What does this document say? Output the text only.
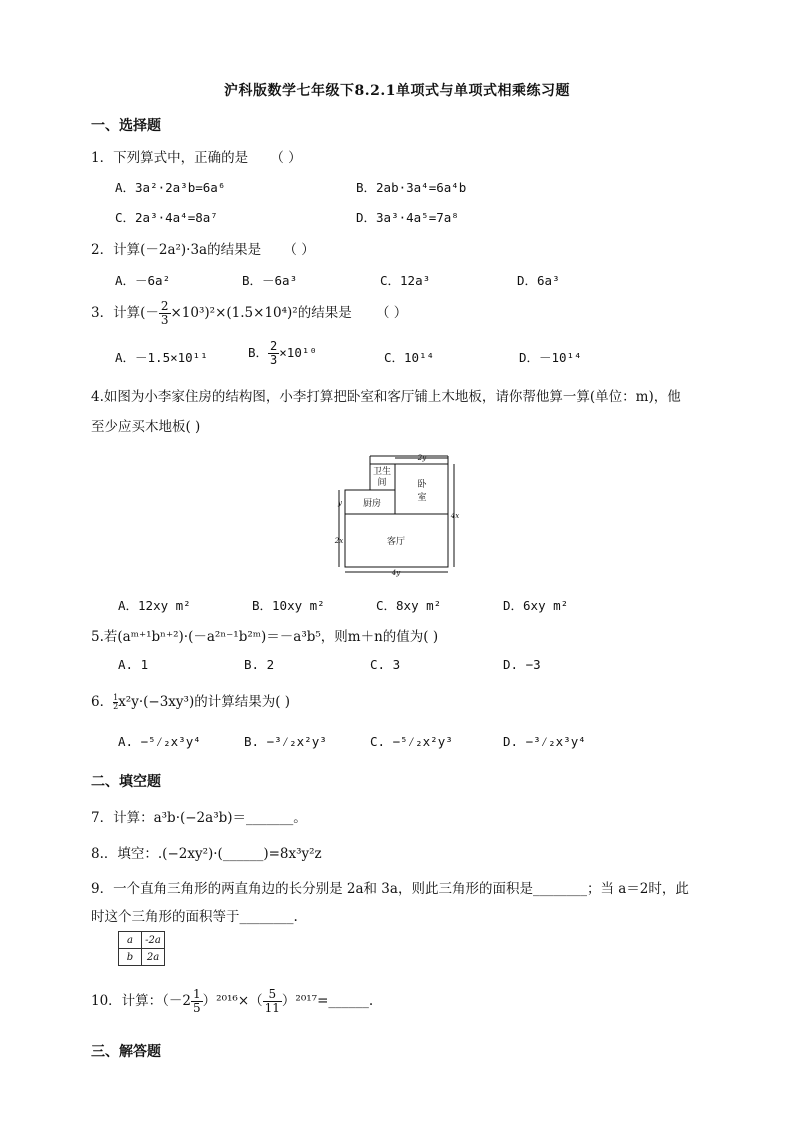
沪科版数学七年级下8.2.1单项式与单项式相乘练习题
一、选择题
1．下列算式中，正确的是 （ ）
A．3a²·2a³b=6a⁶	B．2ab·3a⁴=6a⁴b
C．2a³·4a⁴=8a⁷	D．3a³·4a⁵=7a⁸
2．计算(－2a²)·3a的结果是 （ ）
A．－6a²	B．－6a³	C．12a³	D．6a³
3．计算(－ $\frac{2}{3} \times 10^3)^2\times(1.5\times 10^4)^2$的结果是 （ ）
A．－1.5×10¹¹	B． $\frac{2}{3} \times 10^{10}$	C．10¹⁴	D．－10¹⁴
4.如图为小李家住房的结构图，小李打算把卧室和客厅铺上木地板，请你帮他算一算(单位：m)，他
至少应买木地板( )
卫生
间	卧
室
厨房
客厅
2y
4x
y
2x
4y
A．12xy m²	B．10xy m²	C．8xy m²	D．6xy m²
5.若(aᵐ⁺¹bⁿ⁺²)·(－a²ⁿ⁻¹b²ᵐ)＝－a³b⁵，则m＋n的值为( )
A. 1	B. 2	C. 3	D. −3
6． $\frac{1}{2}x^2y\cdot(-3xy^3)$的计算结果为( )
A. −⁵⁄₂x³y⁴	B. −³⁄₂x²y³	C. −⁵⁄₂x²y³	D. −³⁄₂x³y⁴
二、填空题
7．计算：a³b·(−2a³b)＝_______。
8.．填空：.(−2xy²)·(______)=8x³y²z
9．一个直角三角形的两直角边的长分别是 2a和 3a，则此三角形的面积是________；当 a＝2时，此
时这个三角形的面积等于________.
a	-2a
b	2a
10．计算：$(-2 \frac{1}{5} )^{2016}\times( \frac{5}{11}$ ）²⁰¹⁷=______.
三、解答题
